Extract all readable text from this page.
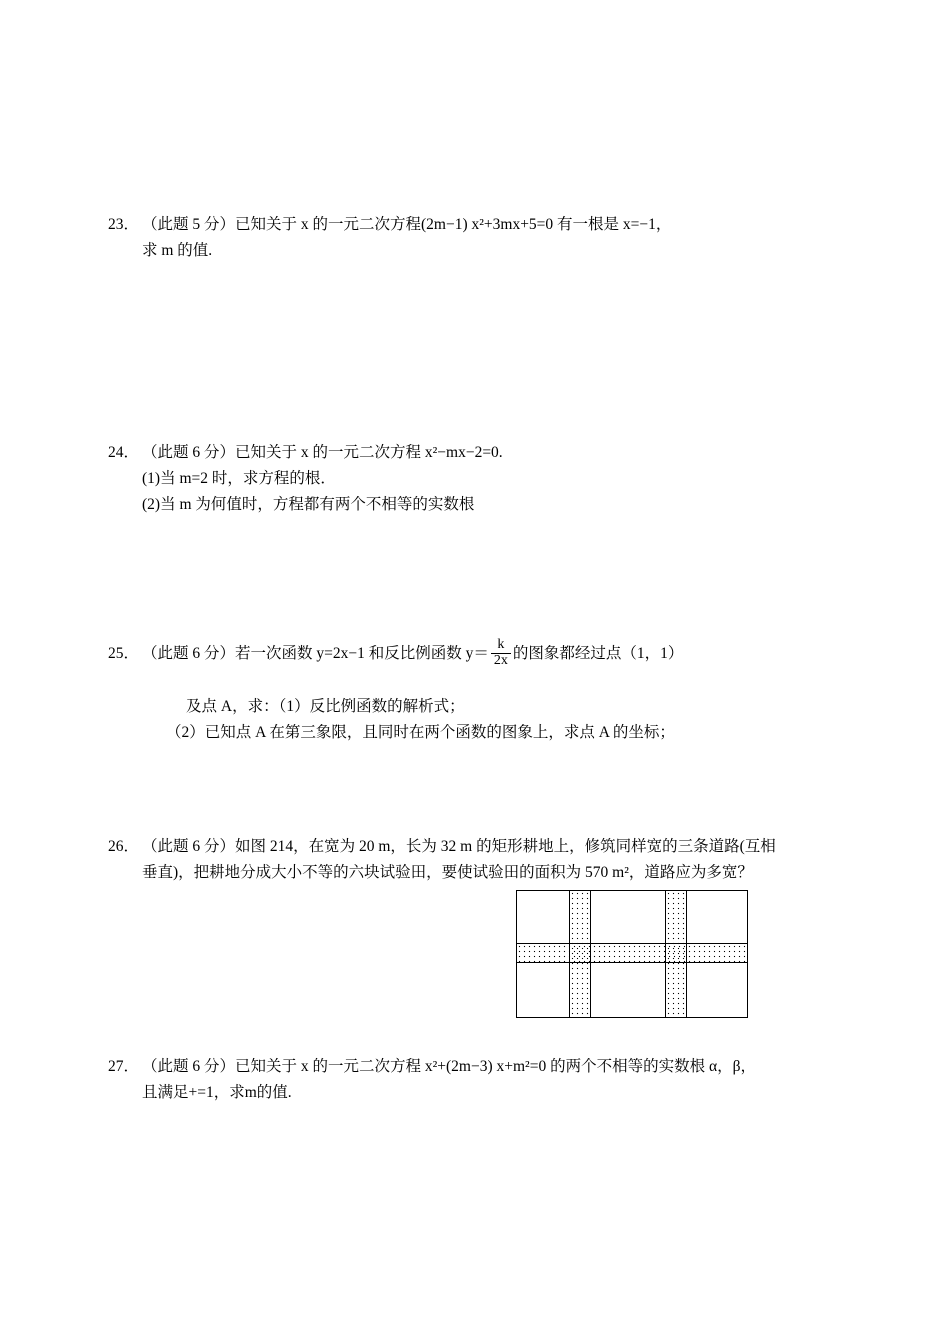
23． （此题 5 分）已知关于 x 的一元二次方程(2m−1) x²+3mx+5=0 有一根是 x=−1，
求 m 的值.
24． （此题 6 分）已知关于 x 的一元二次方程 x²−mx−2=0.
(1)当 m=2 时，求方程的根．
(2)当 m 为何值时，方程都有两个不相等的实数根
25． （此题 6 分）若一次函数 y=2x−1 和反比例函数 $y= \frac{k}{2x}$ 的图象都经过点（1，1）
及点 A，求：（1）反比例函数的解析式；
（2）已知点 A 在第三象限，且同时在两个函数的图象上，求点 A 的坐标；
26． （此题 6 分）如图 214，在宽为 20 m，长为 32 m 的矩形耕地上，修筑同样宽的三条道路(互相
垂直)，把耕地分成大小不等的六块试验田，要使试验田的面积为 570 m²，道路应为多宽？
27． （此题 6 分）已知关于 x 的一元二次方程 x²+(2m−3) x+m²=0 的两个不相等的实数根 α，β，
且满足+=1，求m的值.
